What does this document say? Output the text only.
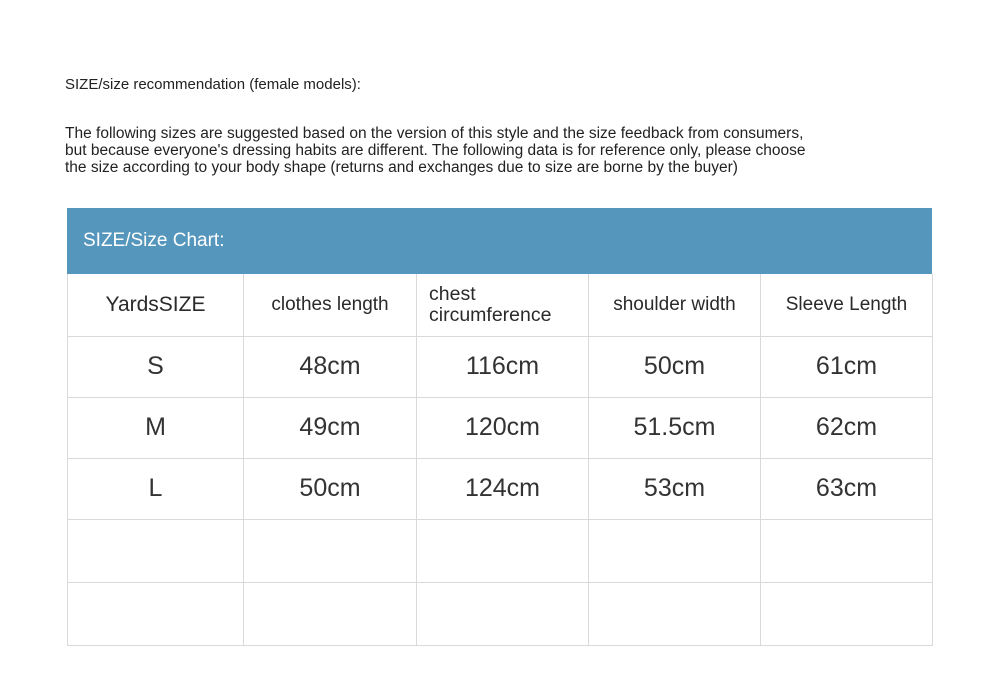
SIZE/size recommendation (female models):
The following sizes are suggested based on the version of this style and the size feedback from consumers,
but because everyone's dressing habits are different. The following data is for reference only, please choose
the size according to your body shape (returns and exchanges due to size are borne by the buyer)
SIZE/Size Chart:
YardsSIZE	clothes length	chest circumference	shoulder width	Sleeve Length
S	48cm	116cm	50cm	61cm
M	49cm	120cm	51.5cm	62cm
L	50cm	124cm	53cm	63cm
